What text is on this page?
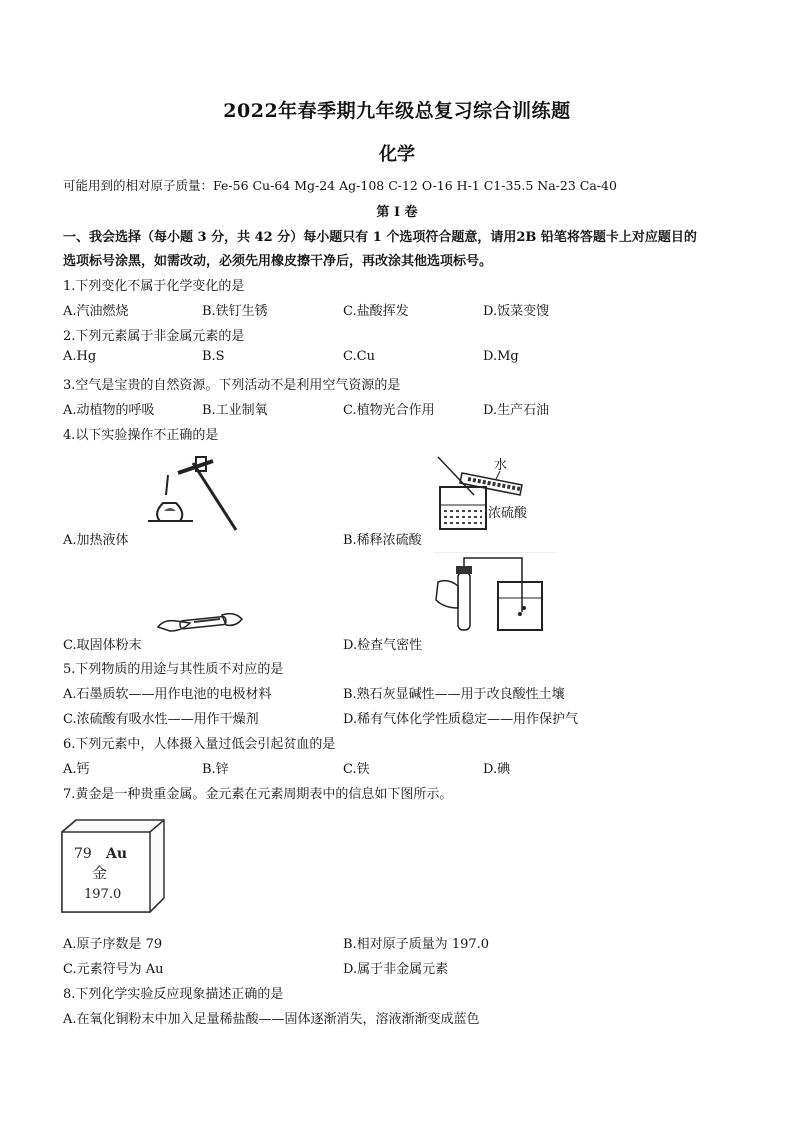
2022年春季期九年级总复习综合训练题
化学
可能用到的相对原子质量：Fe-56 Cu-64 Mg-24 Ag-108 C-12 O-16 H-1 C1-35.5 Na-23 Ca-40
第 I 卷
一、我会选择（每小题 3 分，共 42 分）每小题只有 1 个选项符合题意，请用2B 铅笔将答题卡上对应题目的
选项标号涂黑，如需改动，必须先用橡皮擦干净后，再改涂其他选项标号。
1.下列变化不属于化学变化的是
A.汽油燃烧	B.铁钉生锈	C.盐酸挥发	D.饭菜变馊
2.下列元素属于非金属元素的是
A.Hg	B.S	C.Cu	D.Mg
3.空气是宝贵的自然资源。下列活动不是利用空气资源的是
A.动植物的呼吸	B.工业制氧	C.植物光合作用	D.生产石油
4.以下实验操作不正确的是
A.加热液体
水
浓硫酸
B.稀释浓硫酸
C.取固体粉末	D.检查气密性
5.下列物质的用途与其性质不对应的是
A.石墨质软——用作电池的电极材料	B.熟石灰显碱性——用于改良酸性土壤
C.浓硫酸有吸水性——用作干燥剂	D.稀有气体化学性质稳定——用作保护气
6.下列元素中，人体摄入量过低会引起贫血的是
A.钙	B.锌	C.铁	D.碘
7.黄金是一种贵重金属。金元素在元素周期表中的信息如下图所示。
79 Au
金
197.0
A.原子序数是 79	B.相对原子质量为 197.0
C.元素符号为 Au	D.属于非金属元素
8.下列化学实验反应现象描述正确的是
A.在氧化铜粉末中加入足量稀盐酸——固体逐渐消失，溶液渐渐变成蓝色
